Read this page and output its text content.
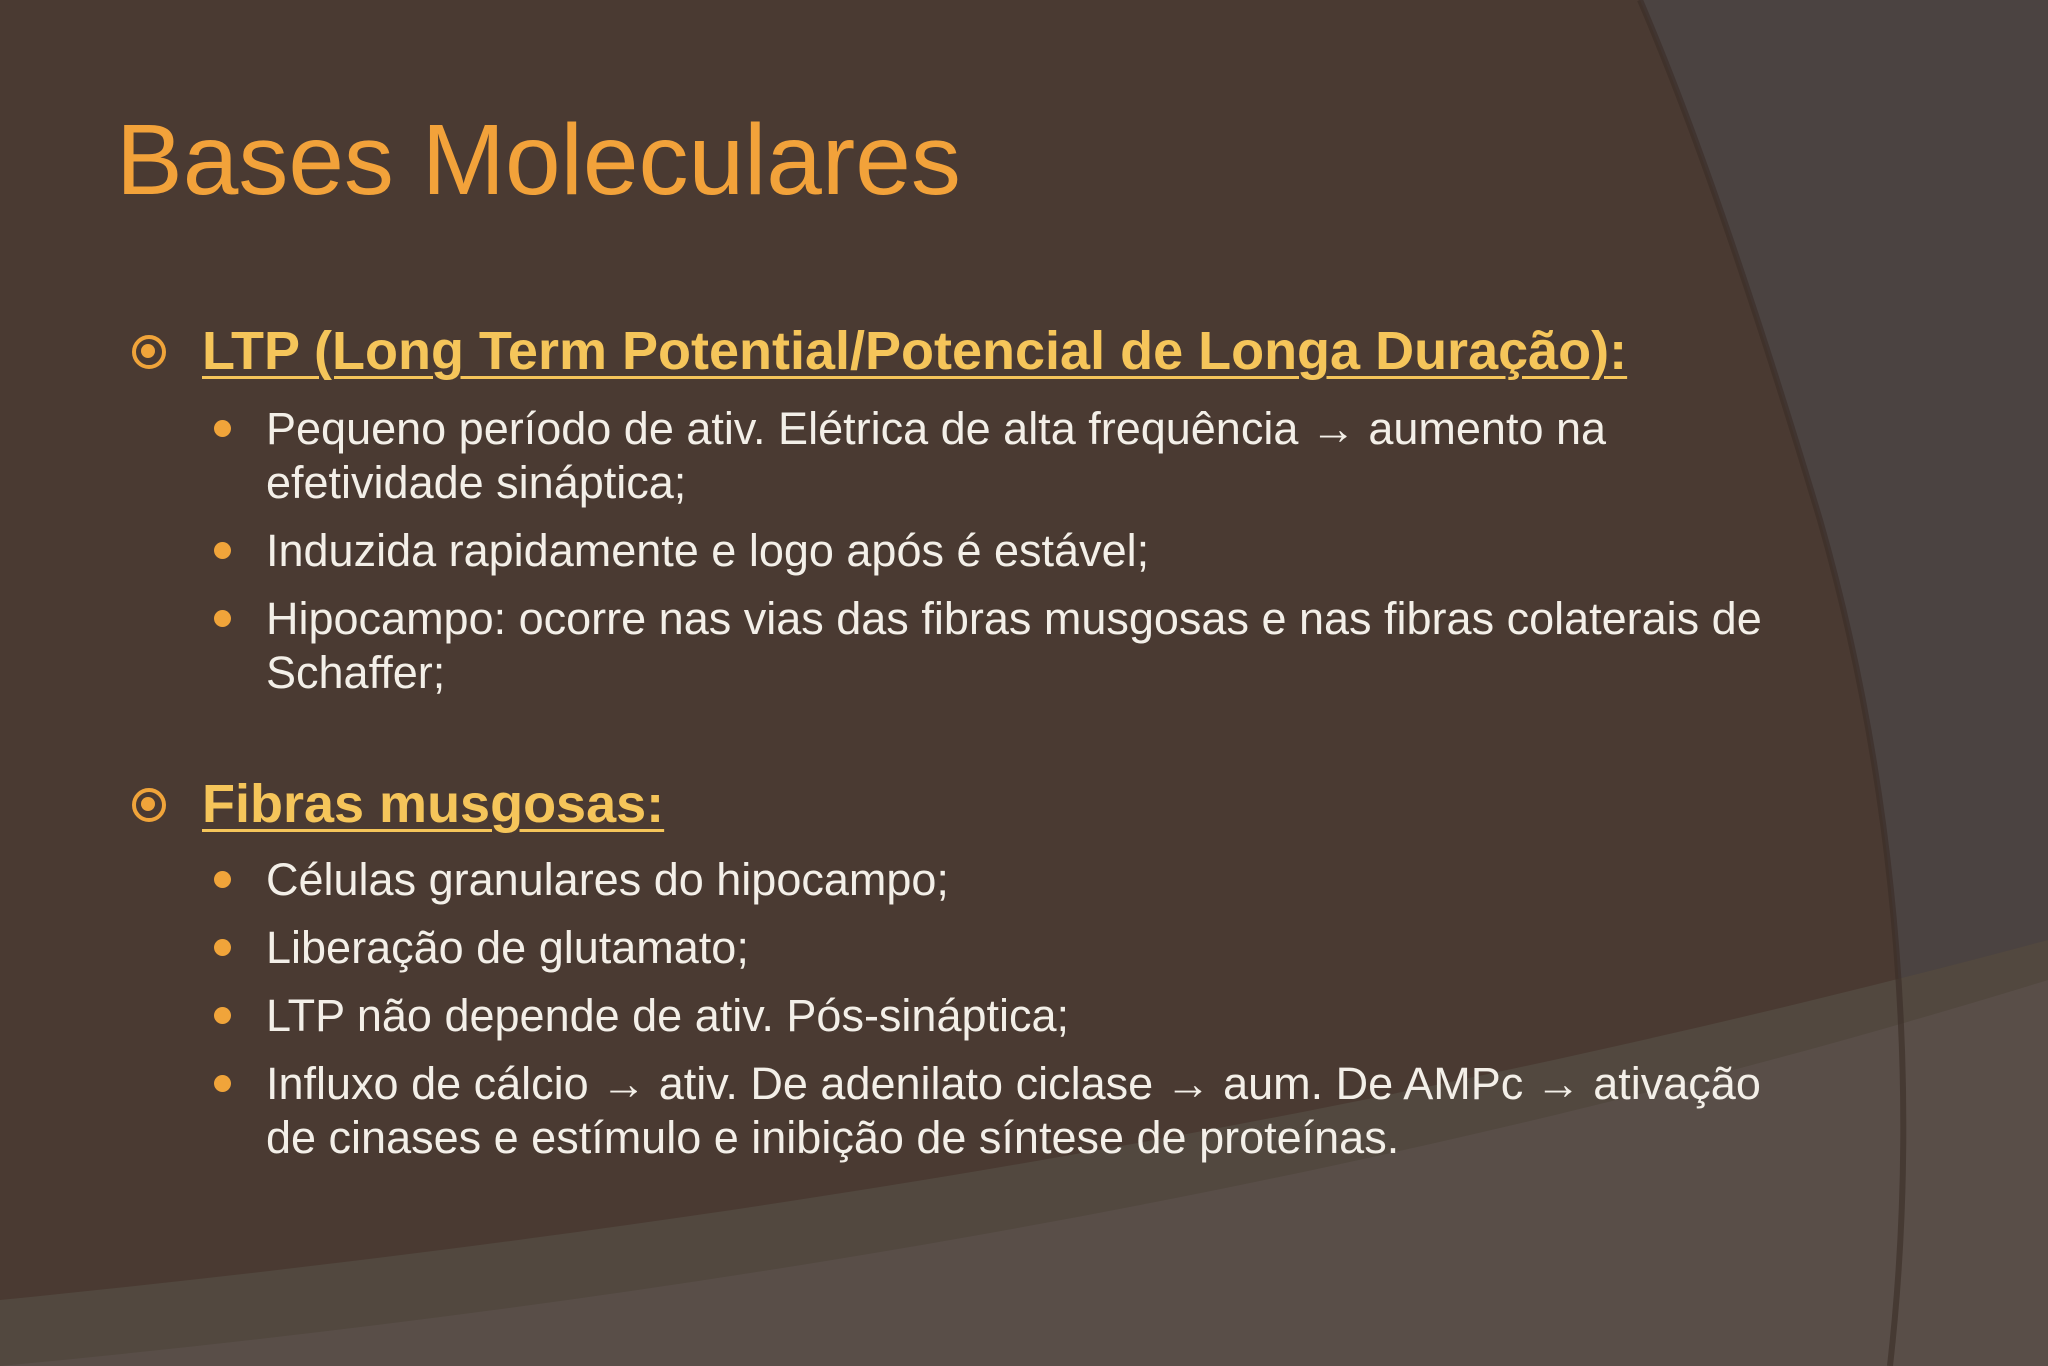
Bases Moleculares
LTP (Long Term Potential/Potencial de Longa Duração):
Pequeno período de ativ. Elétrica de alta frequência → aumento na efetividade sináptica;
Induzida rapidamente e logo após é estável;
Hipocampo: ocorre nas vias das fibras musgosas e nas fibras colaterais de Schaffer;
Fibras musgosas:
Células granulares do hipocampo;
Liberação de glutamato;
LTP não depende de ativ. Pós-sináptica;
Influxo de cálcio → ativ. De adenilato ciclase → aum. De AMPc → ativação de cinases e estímulo e inibição de síntese de proteínas.
